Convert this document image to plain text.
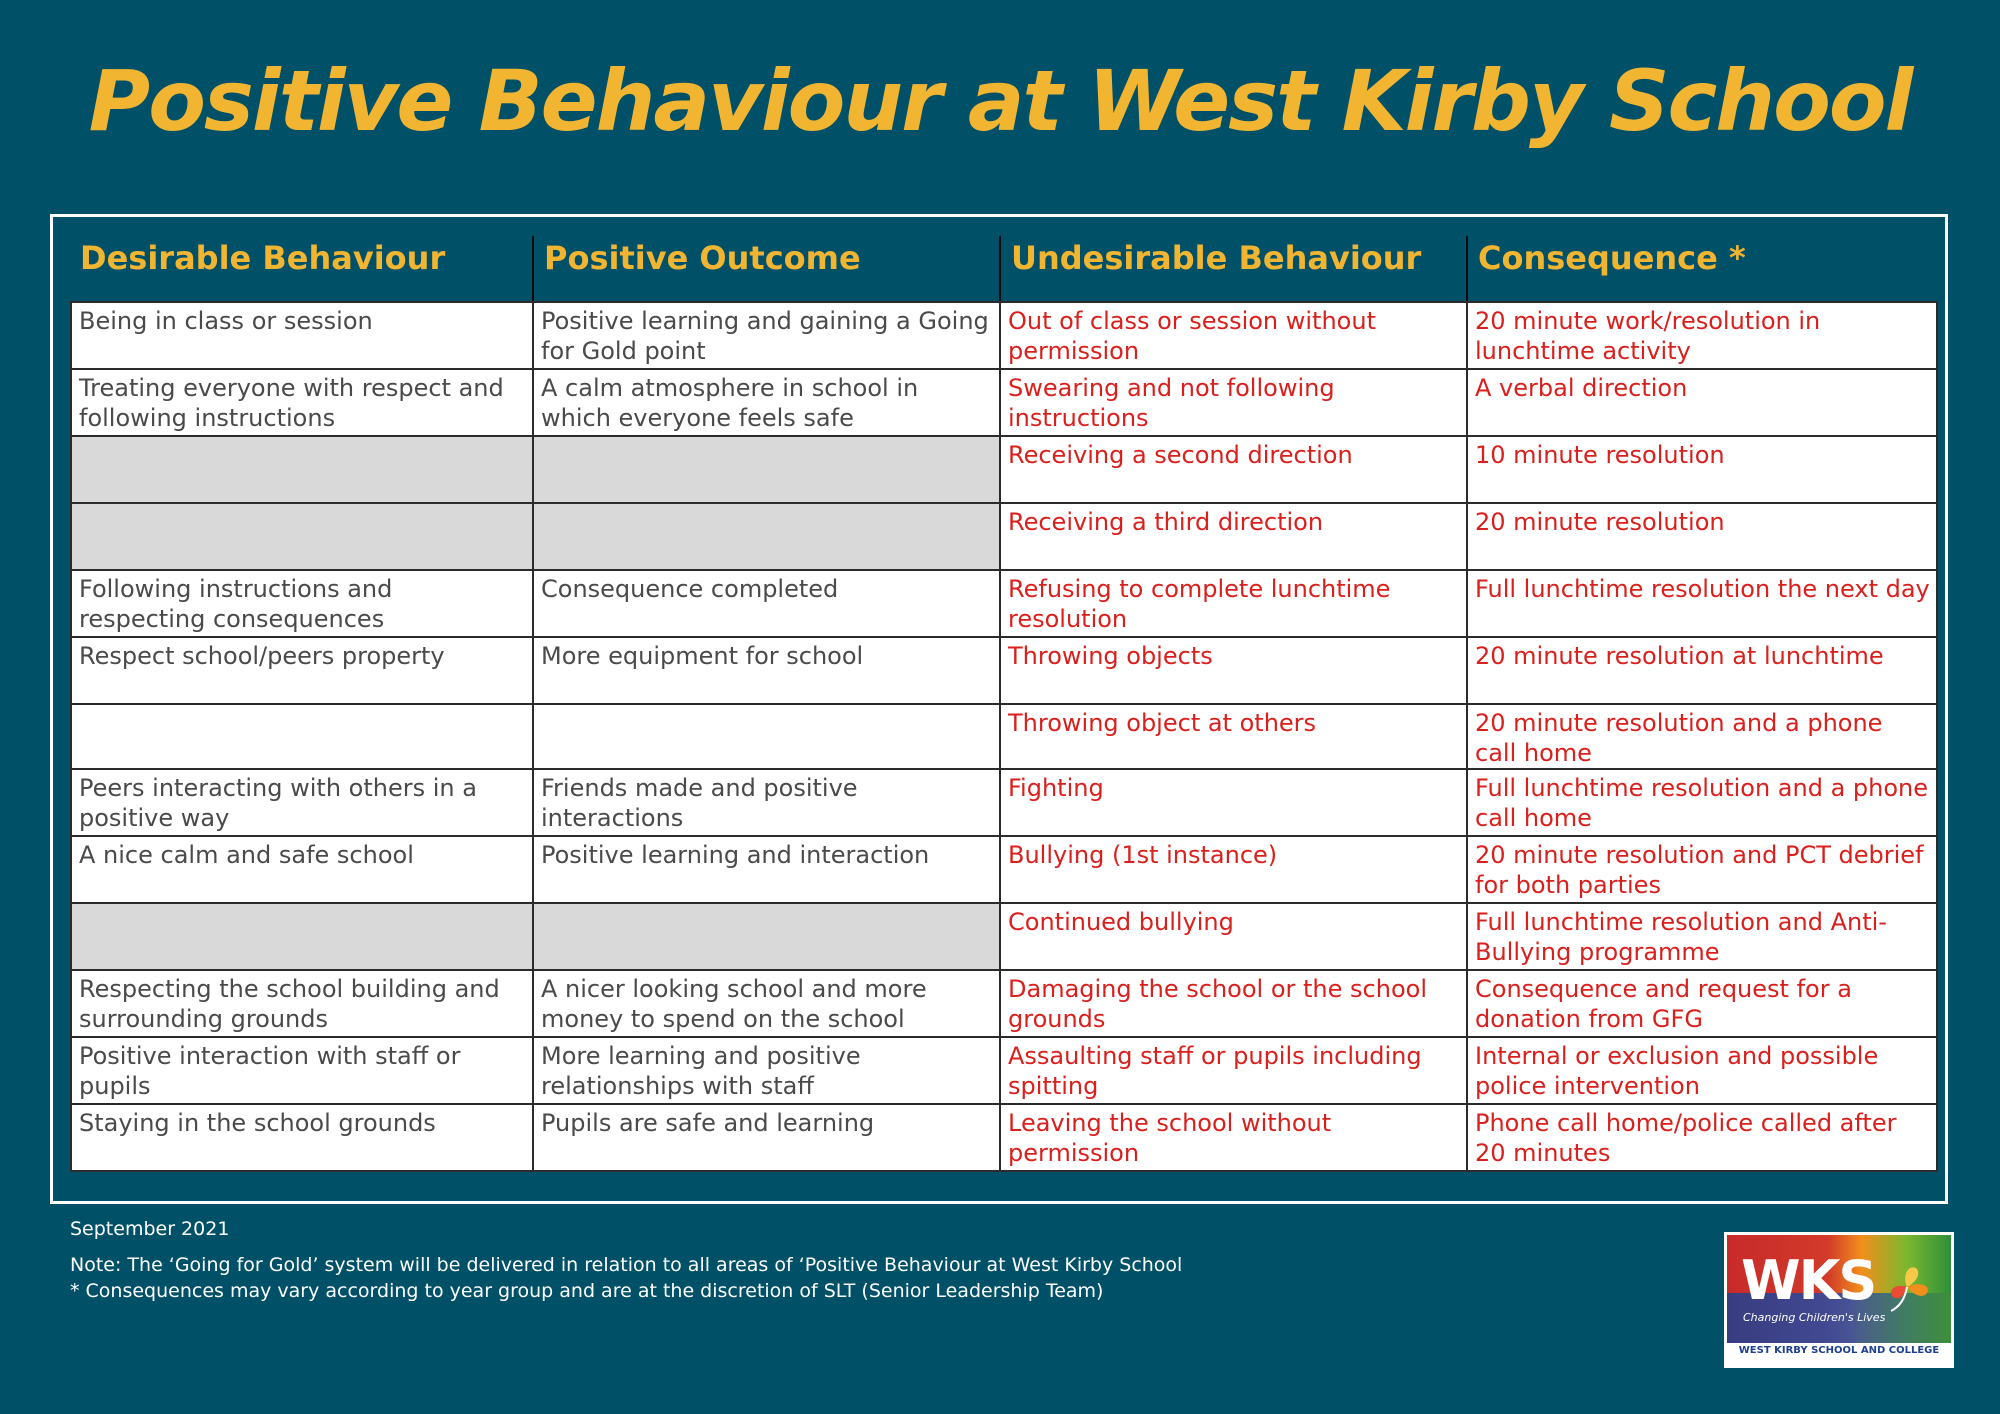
Positive Behaviour at West Kirby School
Desirable Behaviour	Positive Outcome	Undesirable Behaviour	Consequence *
Being in class or session	Positive learning and gaining a Going for Gold point	Out of class or session without permission	20 minute work/resolution in lunchtime activity
Treating everyone with respect and following instructions	A calm atmosphere in school in which everyone feels safe	Swearing and not following instructions	A verbal direction
		Receiving a second direction	10 minute resolution
		Receiving a third direction	20 minute resolution
Following instructions and respecting consequences	Consequence completed	Refusing to complete lunchtime resolution	Full lunchtime resolution the next day
Respect school/peers property	More equipment for school	Throwing objects	20 minute resolution at lunchtime
		Throwing object at others	20 minute resolution and a phone call home
Peers interacting with others in a positive way	Friends made and positive interactions	Fighting	Full lunchtime resolution and a phone call home
A nice calm and safe school	Positive learning and interaction	Bullying (1st instance)	20 minute resolution and PCT debrief for both parties
		Continued bullying	Full lunchtime resolution and Anti-Bullying programme
Respecting the school building and surrounding grounds	A nicer looking school and more money to spend on the school	Damaging the school or the school grounds	Consequence and request for a donation from GFG
Positive interaction with staff or pupils	More learning and positive relationships with staff	Assaulting staff or pupils including spitting	Internal or exclusion and possible police intervention
Staying in the school grounds	Pupils are safe and learning	Leaving the school without permission	Phone call home/police called after 20 minutes

September 2021

Note: The ‘Going for Gold’ system will be delivered in relation to all areas of ‘Positive Behaviour at West Kirby School
* Consequences may vary according to year group and are at the discretion of SLT (Senior Leadership Team)	WKS
Changing Children's Lives
WEST KIRBY SCHOOL AND COLLEGE
